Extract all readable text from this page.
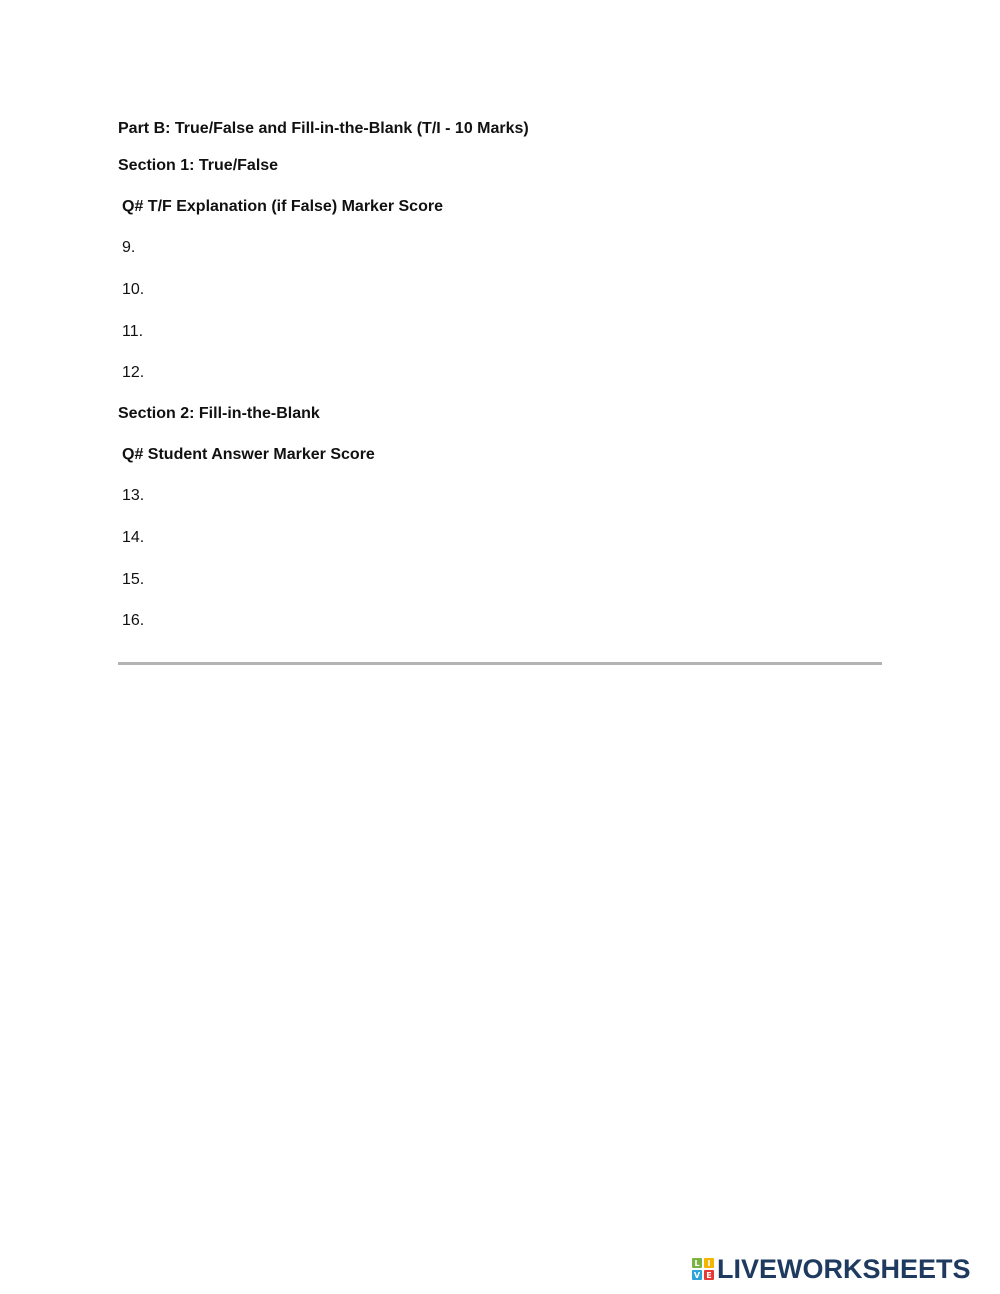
Part B: True/False and Fill-in-the-Blank (T/I - 10 Marks)
Section 1: True/False
Q# T/F Explanation (if False) Marker Score
9.
10.
11.
12.
Section 2: Fill-in-the-Blank
Q# Student Answer Marker Score
13.
14.
15.
16.
L I
V E LIVEWORKSHEETS
